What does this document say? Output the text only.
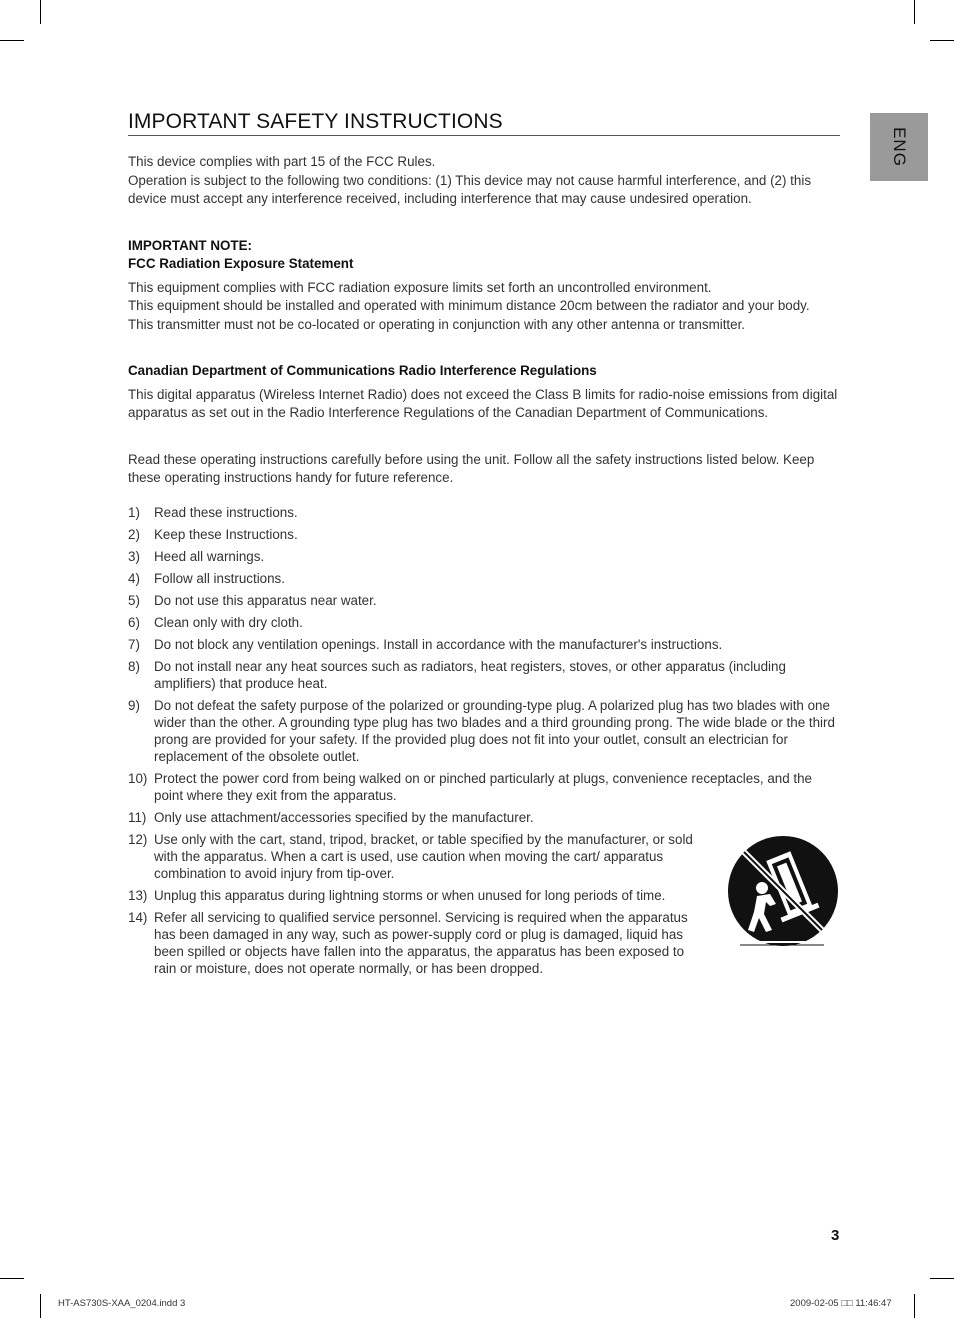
IMPORTANT SAFETY INSTRUCTIONS
ENG

This device complies with part 15 of the FCC Rules.

Operation is subject to the following two conditions: (1) This device may not cause harmful interference, and (2) this device must accept any interference received, including interference that may cause undesired operation.

IMPORTANT NOTE:

FCC Radiation Exposure Statement

This equipment complies with FCC radiation exposure limits set forth an uncontrolled environment.

This equipment should be installed and operated with minimum distance 20cm between the radiator and your body.

This transmitter must not be co-located or operating in conjunction with any other antenna or transmitter.

Canadian Department of Communications Radio Interference Regulations

This digital apparatus (Wireless Internet Radio) does not exceed the Class B limits for radio-noise emissions from digital apparatus as set out in the Radio Interference Regulations of the Canadian Department of Communications.

Read these operating instructions carefully before using the unit. Follow all the safety instructions listed below. Keep these operating instructions handy for future reference.

1) Read these instructions.
2) Keep these Instructions.
3) Heed all warnings.
4) Follow all instructions.
5) Do not use this apparatus near water.
6) Clean only with dry cloth.
7) Do not block any ventilation openings. Install in accordance with the manufacturer's instructions.
8) Do not install near any heat sources such as radiators, heat registers, stoves, or other apparatus (including amplifiers) that produce heat.
9) Do not defeat the safety purpose of the polarized or grounding-type plug. A polarized plug has two blades with one wider than the other. A grounding type plug has two blades and a third grounding prong. The wide blade or the third prong are provided for your safety. If the provided plug does not fit into your outlet, consult an electrician for replacement of the obsolete outlet.
10) Protect the power cord from being walked on or pinched particularly at plugs, convenience receptacles, and the point where they exit from the apparatus.
11) Only use attachment/accessories specified by the manufacturer.
12) Use only with the cart, stand, tripod, bracket, or table specified by the manufacturer, or sold with the apparatus. When a cart is used, use caution when moving the cart/ apparatus combination to avoid injury from tip-over.
13) Unplug this apparatus during lightning storms or when unused for long periods of time.
14) Refer all servicing to qualified service personnel. Servicing is required when the apparatus has been damaged in any way, such as power-supply cord or plug is damaged, liquid has been spilled or objects have fallen into the apparatus, the apparatus has been exposed to rain or moisture, does not operate normally, or has been dropped.
3
HT-AS730S-XAA_0204.indd 3	2009-02-05 □□ 11:46:47
